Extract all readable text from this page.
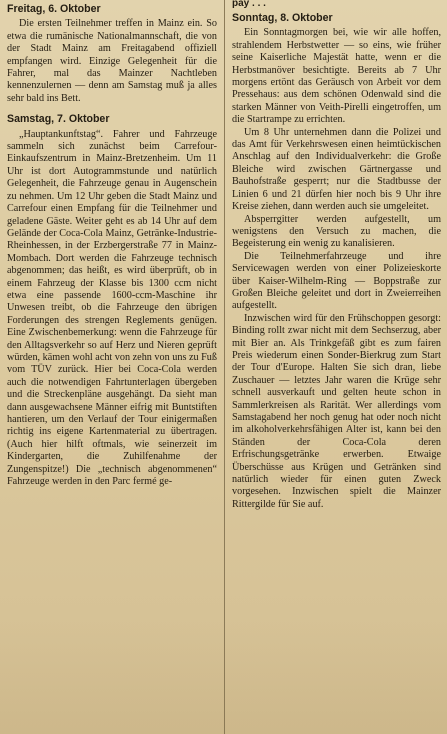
Freitag, 6. Oktober

Die ersten Teilnehmer treffen in Mainz ein. So etwa die rumänische Nationalmannschaft, die von der Stadt Mainz am Freitagabend offiziell empfangen wird. Einzige Gelegenheit für die Fahrer, mal das Mainzer Nachtleben kennenzulernen — denn am Samstag muß ja alles sehr bald ins Bett.

Samstag, 7. Oktober

„Hauptankunftstag“. Fahrer und Fahrzeuge sammeln sich zunächst beim Carrefour-Einkaufszentrum in Mainz-Bretzenheim. Um 11 Uhr ist dort Autogrammstunde und natürlich Gelegenheit, die Fahrzeuge genau in Augenschein zu nehmen. Um 12 Uhr geben die Stadt Mainz und Carrefour einen Empfang für die Teilnehmer und geladene Gäste. Weiter geht es ab 14 Uhr auf dem Gelände der Coca-Cola Mainz, Getränke-Industrie-Rheinhessen, in der Erzbergerstraße 77 in Mainz-Mombach. Dort werden die Fahrzeuge technisch abgenommen; das heißt, es wird überprüft, ob in einem Fahrzeug der Klasse bis 1300 ccm nicht etwa eine passende 1600-ccm-Maschine ihr Unwesen treibt, ob die Fahrzeuge den übrigen Forderungen des strengen Reglements genügen. Eine Zwischenbemerkung: wenn die Fahrzeuge für den Alltagsverkehr so auf Herz und Nieren geprüft würden, kämen wohl acht von zehn von uns zu Fuß vom TÜV zurück. Hier bei Coca-Cola werden auch die notwendigen Fahrtunterlagen übergeben und die Streckenpläne ausgehängt. Da sieht man dann ausgewachsene Männer eifrig mit Buntstiften hantieren, um den Verlauf der Tour einigermaßen richtig ins eigene Kartenmaterial zu übertragen. (Auch hier hilft oftmals, wie seinerzeit im Kindergarten, die Zuhilfenahme der Zungenspitze!) Die „technisch abgenommenen“ Fahrzeuge werden in den Parc fermé ge-

pay . . .
Sonntag, 8. Oktober

Ein Sonntagmorgen bei, wie wir alle hoffen, strahlendem Herbstwetter — so eins, wie früher seine Kaiserliche Majestät hatte, wenn er die Herbstmanöver besichtigte. Bereits ab 7 Uhr morgens ertönt das Geräusch von Arbeit vor dem Pressehaus: aus dem schönen Odenwald sind die starken Männer von Veith-Pirelli eingetroffen, um die Startrampe zu errichten.

Um 8 Uhr unternehmen dann die Polizei und das Amt für Verkehrswesen einen heimtückischen Anschlag auf den Individualverkehr: die Große Bleiche wird zwischen Gärtnergasse und Bauhofstraße gesperrt; nur die Stadtbusse der Linien 6 und 21 dürfen hier noch bis 9 Uhr ihre Kreise ziehen, dann werden auch sie umgeleitet.

Absperrgitter werden aufgestellt, um wenigstens den Versuch zu machen, die Begeisterung ein wenig zu kanalisieren.

Die Teilnehmerfahrzeuge und ihre Servicewagen werden von einer Polizeieskorte über Kaiser-Wilhelm-Ring — Boppstraße zur Großen Bleiche geleitet und dort in Zweierreihen aufgestellt.

Inzwischen wird für den Frühschoppen gesorgt: Binding rollt zwar nicht mit dem Sechserzug, aber mit Bier an. Als Trinkgefäß gibt es zum fairen Preis wiederum einen Sonder-Bierkrug zum Start der Tour d'Europe. Halten Sie sich dran, liebe Zuschauer — letztes Jahr waren die Krüge sehr schnell ausverkauft und gelten heute schon in Sammlerkreisen als Rarität. Wer allerdings vom Samstagabend her noch genug hat oder noch nicht im alkoholverkehrsfähigen Alter ist, kann bei den Ständen der Coca-Cola deren Erfrischungsgetränke erwerben. Etwaige Überschüsse aus Krügen und Getränken sind natürlich wieder für einen guten Zweck vorgesehen. Inzwischen spielt die Mainzer Rittergilde für Sie auf.
